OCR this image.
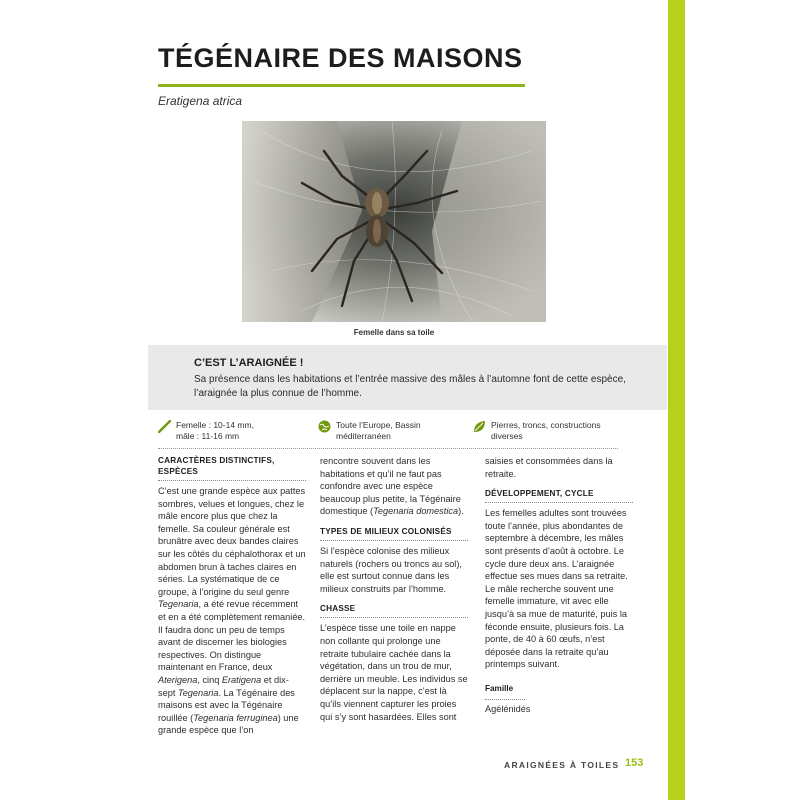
TÉGÉNAIRE DES MAISONS
Eratigena atrica
Femelle dans sa toile
C’EST L’ARAIGNÉE !
Sa présence dans les habitations et l’entrée massive des mâles à l’automne font de cette espèce, l’araignée la plus connue de l’homme.
Femelle : 10-14 mm,
mâle : 11-16 mm
Toute l’Europe, Bassin
méditerranéen
Pierres, troncs, constructions
diverses
CARACTÈRES DISTINCTIFS,
ESPÈCES

C’est une grande espèce aux pattes sombres, velues et longues, chez le mâle encore plus que chez la femelle. Sa couleur générale est brunâtre avec deux bandes claires sur les côtés du céphalothorax et un abdomen brun à taches claires en séries. La systématique de ce groupe, à l’origine du seul genre Tegenaria, a été revue récemment et en a été complètement remaniée. Il faudra donc un peu de temps avant de discerner les biologies respectives. On distingue maintenant en France, deux Aterigena, cinq Eratigena et dix-sept Tegenaria. La Tégénaire des maisons est avec la Tégénaire rouillée (Tegenaria ferruginea) une grande espèce que l’on

rencontre souvent dans les habitations et qu’il ne faut pas confondre avec une espèce beaucoup plus petite, la Tégénaire domestique (Tegenaria domestica).

TYPES DE MILIEUX COLONISÉS

Si l’espèce colonise des milieux naturels (rochers ou troncs au sol), elle est surtout connue dans les milieux construits par l’homme.

CHASSE

L’espèce tisse une toile en nappe non collante qui prolonge une retraite tubulaire cachée dans la végétation, dans un trou de mur, derrière un meuble. Les individus se déplacent sur la nappe, c’est là qu’ils viennent capturer les proies qui s’y sont hasardées. Elles sont

saisies et consommées dans la retraite.

DÉVELOPPEMENT, CYCLE

Les femelles adultes sont trouvées toute l’année, plus abondantes de septembre à décembre, les mâles sont présents d’août à octobre. Le cycle dure deux ans. L’araignée effectue ses mues dans sa retraite. Le mâle recherche souvent une femelle immature, vit avec elle jusqu’à sa mue de maturité, puis la féconde ensuite, plusieurs fois. La ponte, de 40 à 60 œufs, n’est déposée dans la retraite qu’au printemps suivant.

Famille

Agélénidés

ARAIGNÉES À TOILES 153
